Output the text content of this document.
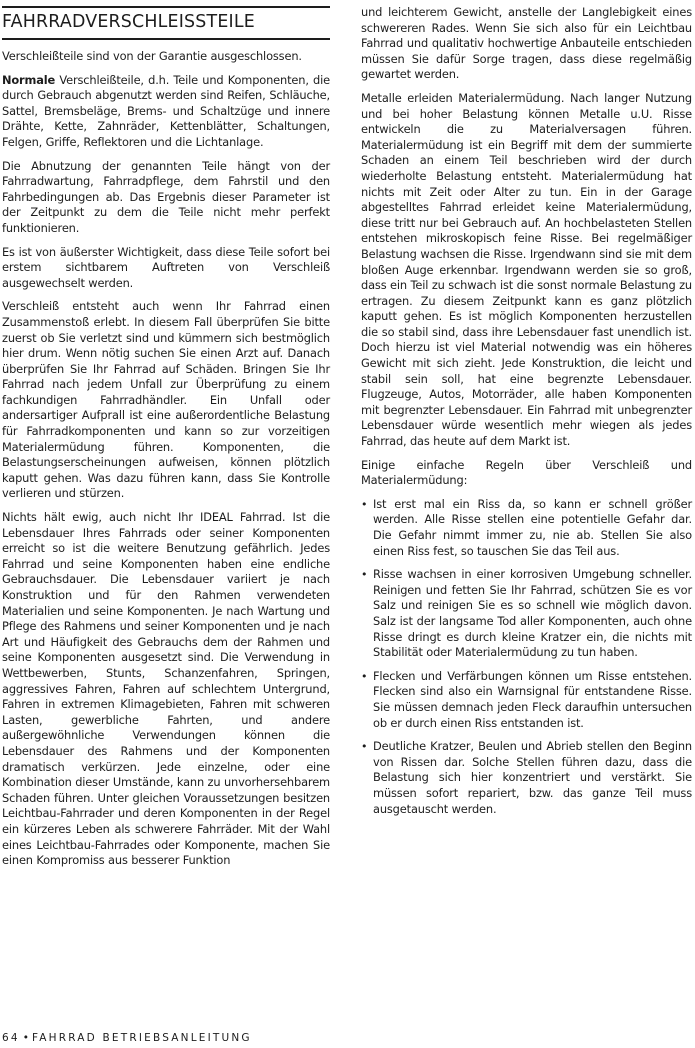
FAHRRADVERSCHLEISSTEILE

Verschleißteile sind von der Garantie ausgeschlossen.

Normale Verschleißteile, d.h. Teile und Komponenten, die durch Gebrauch abgenutzt werden sind Reifen, Schläuche, Sattel, Bremsbeläge, Brems- und Schaltzüge und innere Drähte, Kette, Zahnräder, Kettenblätter, Schaltungen, Felgen, Griffe, Reflektoren und die Lichtanlage.

Die Abnutzung der genannten Teile hängt von der Fahrradwartung, Fahrradpflege, dem Fahrstil und den Fahrbedingungen ab. Das Ergebnis dieser Parameter ist der Zeitpunkt zu dem die Teile nicht mehr perfekt funktionieren.

Es ist von äußerster Wichtigkeit, dass diese Teile sofort bei erstem sichtbarem Auftreten von Verschleiß ausgewechselt werden.

Verschleiß entsteht auch wenn Ihr Fahrrad einen Zusammenstoß erlebt. In diesem Fall überprüfen Sie bitte zuerst ob Sie verletzt sind und kümmern sich bestmöglich hier drum. Wenn nötig suchen Sie einen Arzt auf. Danach überprüfen Sie Ihr Fahrrad auf Schäden. Bringen Sie Ihr Fahrrad nach jedem Unfall zur Überprüfung zu einem fachkundigen Fahrradhändler. Ein Unfall oder andersartiger Aufprall ist eine außerordentliche Belastung für Fahrradkomponenten und kann so zur vorzeitigen Materialermüdung führen. Komponenten, die Belastungserscheinungen aufweisen, können plötzlich kaputt gehen. Was dazu führen kann, dass Sie Kontrolle verlieren und stürzen.

Nichts hält ewig, auch nicht Ihr IDEAL Fahrrad. Ist die Lebensdauer Ihres Fahrrads oder seiner Komponenten erreicht so ist die weitere Benutzung gefährlich. Jedes Fahrrad und seine Komponenten haben eine endliche Gebrauchsdauer. Die Lebensdauer variiert je nach Konstruktion und für den Rahmen verwendeten Materialien und seine Komponenten. Je nach Wartung und Pflege des Rahmens und seiner Komponenten und je nach Art und Häufigkeit des Gebrauchs dem der Rahmen und seine Komponenten ausgesetzt sind. Die Verwendung in Wettbewerben, Stunts, Schanzenfahren, Springen, aggressives Fahren, Fahren auf schlechtem Untergrund, Fahren in extremen Klimagebieten, Fahren mit schweren Lasten, gewerbliche Fahrten, und andere außergewöhnliche Verwendungen können die Lebensdauer des Rahmens und der Komponenten dramatisch verkürzen. Jede einzelne, oder eine Kombination dieser Umstände, kann zu unvorhersehbarem Schaden führen. Unter gleichen Voraussetzungen besitzen Leichtbau-Fahrrader und deren Komponenten in der Regel ein kürzeres Leben als schwerere Fahrräder. Mit der Wahl eines Leichtbau-Fahrrades oder Komponente, machen Sie einen Kompromiss aus besserer Funktion

und leichterem Gewicht, anstelle der Langlebigkeit eines schwereren Rades. Wenn Sie sich also für ein Leichtbau Fahrrad und qualitativ hochwertige Anbauteile entschieden müssen Sie dafür Sorge tragen, dass diese regelmäßig gewartet werden.

Metalle erleiden Materialermüdung. Nach langer Nutzung und bei hoher Belastung können Metalle u.U. Risse entwickeln die zu Materialversagen führen. Materialermüdung ist ein Begriff mit dem der summierte Schaden an einem Teil beschrieben wird der durch wiederholte Belastung entsteht. Materialermüdung hat nichts mit Zeit oder Alter zu tun. Ein in der Garage abgestelltes Fahrrad erleidet keine Materialermüdung, diese tritt nur bei Gebrauch auf. An hochbelasteten Stellen entstehen mikroskopisch feine Risse. Bei regelmäßiger Belastung wachsen die Risse. Irgendwann sind sie mit dem bloßen Auge erkennbar. Irgendwann werden sie so groß, dass ein Teil zu schwach ist die sonst normale Belastung zu ertragen. Zu diesem Zeitpunkt kann es ganz plötzlich kaputt gehen. Es ist möglich Komponenten herzustellen die so stabil sind, dass ihre Lebensdauer fast unendlich ist. Doch hierzu ist viel Material notwendig was ein höheres Gewicht mit sich zieht. Jede Konstruktion, die leicht und stabil sein soll, hat eine begrenzte Lebensdauer. Flugzeuge, Autos, Motorräder, alle haben Komponenten mit begrenzter Lebensdauer. Ein Fahrrad mit unbegrenzter Lebensdauer würde wesentlich mehr wiegen als jedes Fahrrad, das heute auf dem Markt ist.

Einige einfache Regeln über Verschleiß und Materialermüdung:

• Ist erst mal ein Riss da, so kann er schnell größer werden. Alle Risse stellen eine potentielle Gefahr dar. Die Gefahr nimmt immer zu, nie ab. Stellen Sie also einen Riss fest, so tauschen Sie das Teil aus.
• Risse wachsen in einer korrosiven Umgebung schneller. Reinigen und fetten Sie Ihr Fahrrad, schützen Sie es vor Salz und reinigen Sie es so schnell wie möglich davon. Salz ist der langsame Tod aller Komponenten, auch ohne Risse dringt es durch kleine Kratzer ein, die nichts mit Stabilität oder Materialermüdung zu tun haben.
• Flecken und Verfärbungen können um Risse entstehen. Flecken sind also ein Warnsignal für entstandene Risse. Sie müssen demnach jeden Fleck daraufhin untersuchen ob er durch einen Riss entstanden ist.
• Deutliche Kratzer, Beulen und Abrieb stellen den Beginn von Rissen dar. Solche Stellen führen dazu, dass die Belastung sich hier konzentriert und verstärkt. Sie müssen sofort repariert, bzw. das ganze Teil muss ausgetauscht werden.
64 • FAHRRAD BETRIEBSANLEITUNG
